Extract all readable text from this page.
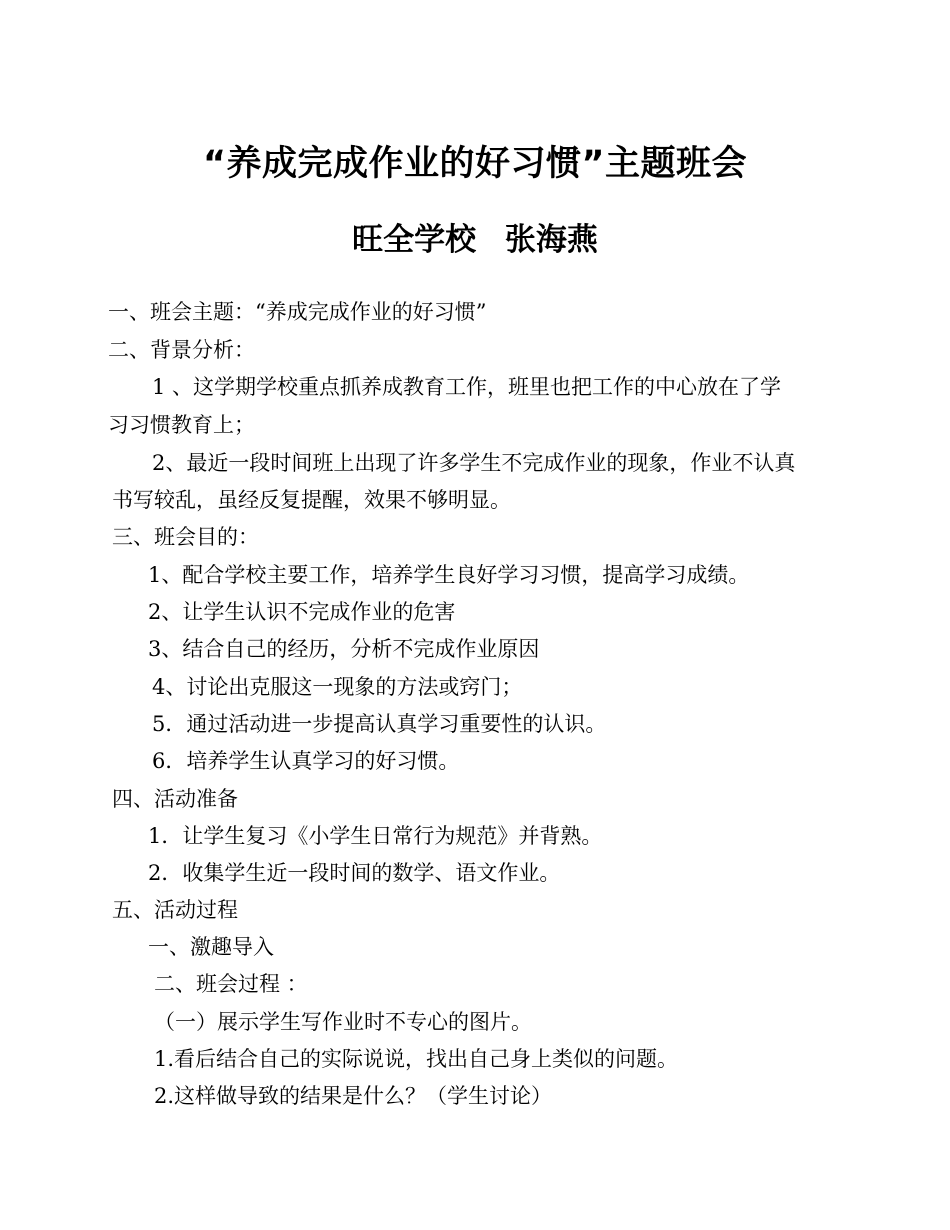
“养成完成作业的好习惯”主题班会
旺全学校 张海燕

一、班会主题：“养成完成作业的好习惯”

二、背景分析：

1 、这学期学校重点抓养成教育工作，班里也把工作的中心放在了学

习习惯教育上；

2、最近一段时间班上出现了许多学生不完成作业的现象，作业不认真

书写较乱，虽经反复提醒，效果不够明显。

三、班会目的：

1、配合学校主要工作，培养学生良好学习习惯，提高学习成绩。

2、让学生认识不完成作业的危害

3、结合自己的经历，分析不完成作业原因

4、讨论出克服这一现象的方法或窍门；

5．通过活动进一步提高认真学习重要性的认识。

6．培养学生认真学习的好习惯。

四、活动准备

1．让学生复习《小学生日常行为规范》并背熟。

2．收集学生近一段时间的数学、语文作业。

五、活动过程

一、激趣导入

二、班会过程 ：

（一）展示学生写作业时不专心的图片。

1.看后结合自己的实际说说，找出自己身上类似的问题。

2.这样做导致的结果是什么？（学生讨论）
